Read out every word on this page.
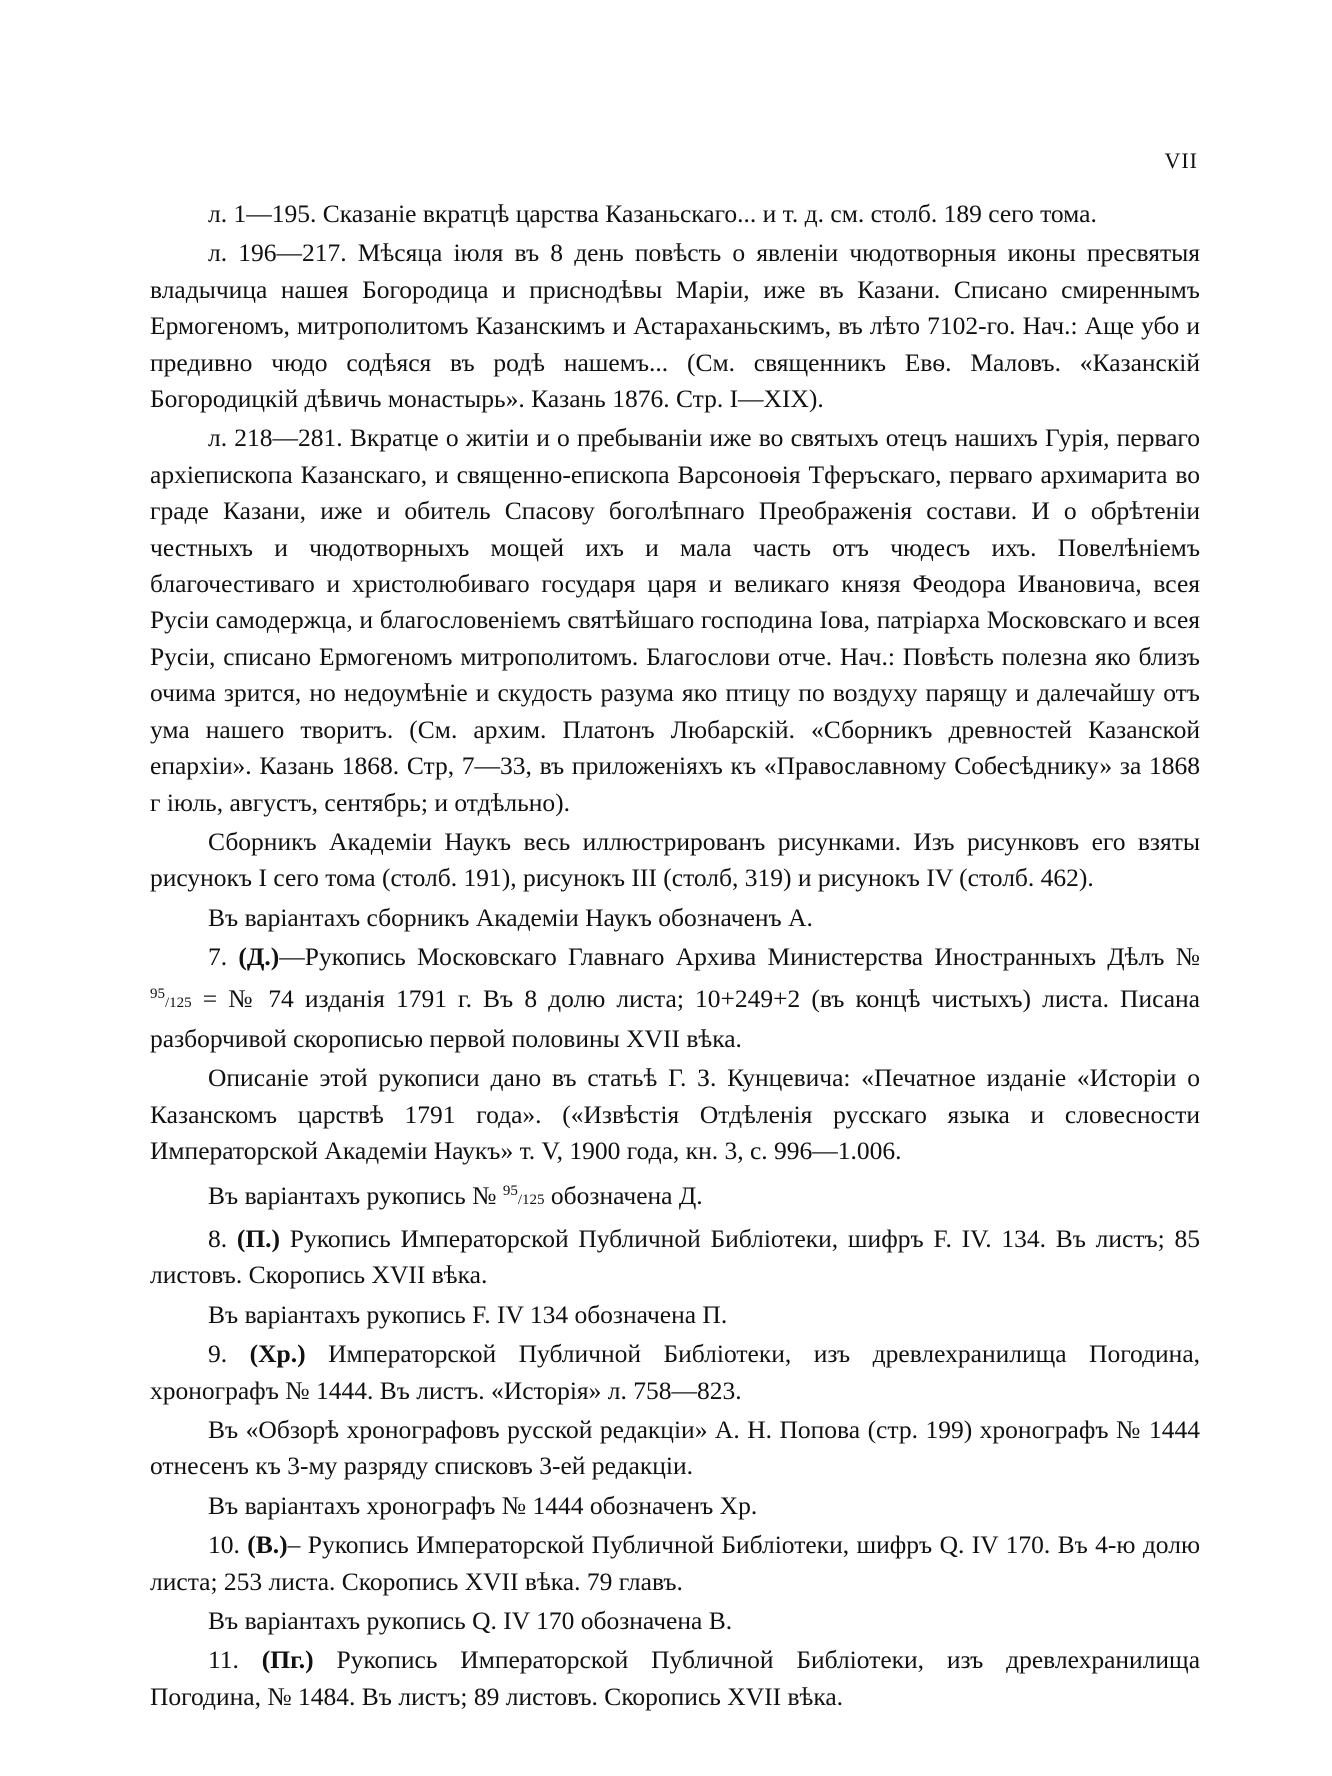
VII

л. 1—195. Сказаніе вкратцѣ царства Казаньскаго... и т. д. см. столб. 189 сего тома.

л. 196—217. Мѣсяца іюля въ 8 день повѣсть о явленіи чюдотворныя иконы пресвятыя владычица нашея Богородица и приснодѣвы Маріи, иже въ Казани. Списано смиреннымъ Ермогеномъ, митрополитомъ Казанскимъ и Астараханьскимъ, въ лѣто 7102-го. Нач.: Аще убо и предивно чюдо содѣяся въ родѣ нашемъ... (См. священникъ Евѳ. Маловъ. «Казанскій Богородицкій дѣвичь монастырь». Казань 1876. Стр. I—XIX).

л. 218—281. Вкратце о житіи и о пребываніи иже во святыхъ отецъ нашихъ Гурія, перваго архіепископа Казанскаго, и священно-епископа Варсоноѳія Тферъскаго, перваго архимарита во граде Казани, иже и обитель Спасову боголѣпнаго Преображенія состави. И о обрѣтеніи честныхъ и чюдотворныхъ мощей ихъ и мала часть отъ чюдесъ ихъ. Повелѣніемъ благочестиваго и христолюбиваго государя царя и великаго князя Феодора Ивановича, всея Русіи самодержца, и благословеніемъ святѣйшаго господина Іова, патріарха Московскаго и всея Русіи, списано Ермогеномъ митрополитомъ. Благослови отче. Нач.: Повѣсть полезна яко близъ очима зрится, но недоумѣніе и скудость разума яко птицу по воздуху парящу и далечайшу отъ ума нашего творитъ. (См. архим. Платонъ Любарскій. «Сборникъ древностей Казанской епархіи». Казань 1868. Стр, 7—33, въ приложеніяхъ къ «Православному Собесѣднику» за 1868 г іюль, августъ, сентябрь; и отдѣльно).

Сборникъ Академіи Наукъ весь иллюстрированъ рисунками. Изъ рисунковъ его взяты рисунокъ I сего тома (столб. 191), рисунокъ III (столб, 319) и рисунокъ IV (столб. 462).

Въ варіантахъ сборникъ Академіи Наукъ обозначенъ А.

7. (Д.)—Рукопись Московскаго Главнаго Архива Министерства Иностранныхъ Дѣлъ № $^{95}$/125 = № 74 изданія 1791 г. Въ 8 долю листа; 10+249+2 (въ концѣ чистыхъ) листа. Писана разборчивой скорописью первой половины XVII вѣка.

Описаніе этой рукописи дано въ статьѣ Г. З. Кунцевича: «Печатное изданіе «Исторіи о Казанскомъ царствѣ 1791 года». («Извѣстія Отдѣленія русскаго языка и словесности Императорской Академіи Наукъ» т. V, 1900 года, кн. 3, с. 996—1.006.

Въ варіантахъ рукопись № $^{95}$/125 обозначена Д.

8. (П.) Рукопись Императорской Публичной Библіотеки, шифръ F. IV. 134. Въ листъ; 85 листовъ. Скоропись XVII вѣка.

Въ варіантахъ рукопись F. IV 134 обозначена П.

9. (Хр.) Императорской Публичной Библіотеки, изъ древлехранилища Погодина, хронографъ № 1444. Въ листъ. «Исторія» л. 758—823.

Въ «Обзорѣ хронографовъ русской редакціи» А. Н. Попова (стр. 199) хронографъ № 1444 отнесенъ къ 3-му разряду списковъ 3-ей редакціи.

Въ варіантахъ хронографъ № 1444 обозначенъ Хр.

10. (В.)– Рукопись Императорской Публичной Библіотеки, шифръ Q. IV 170. Въ 4-ю долю листа; 253 листа. Скоропись XVII вѣка. 79 главъ.

Въ варіантахъ рукопись Q. IV 170 обозначена В.

11. (Пг.) Рукопись Императорской Публичной Библіотеки, изъ древлехранилища Погодина, № 1484. Въ листъ; 89 листовъ. Скоропись XVII вѣка.
